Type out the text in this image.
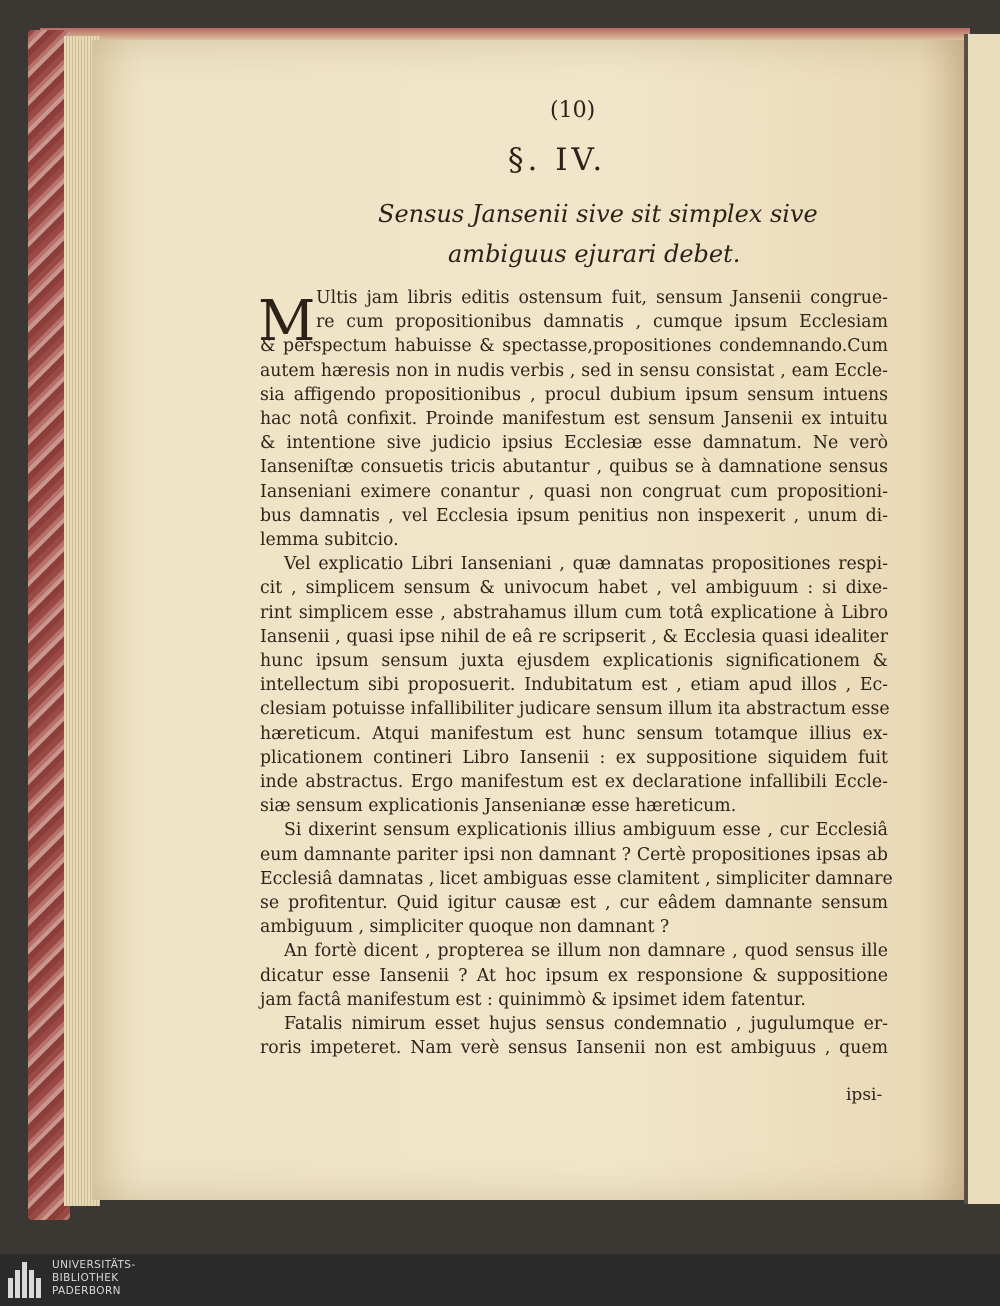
(10)
§. IV.
Sensus Jansenii sive sit simplex sive
ambiguus ejurari debet.
M Ultis jam libris editis ostensum fuit, sensum Jansenii congrue-
re cum propositionibus damnatis , cumque ipsum Ecclesiam
& perspectum habuisse & spectasse,propositiones condemnando.Cum
autem hæresis non in nudis verbis , sed in sensu consistat , eam Eccle-
sia affigendo propositionibus , procul dubium ipsum sensum intuens
hac notâ confixit. Proinde manifestum est sensum Jansenii ex intuitu
& intentione sive judicio ipsius Ecclesiæ esse damnatum. Ne verò
Ianseniſtæ consuetis tricis abutantur , quibus se à damnatione sensus
Ianseniani eximere conantur , quasi non congruat cum propositioni-
bus damnatis , vel Ecclesia ipsum penitius non inspexerit , unum di-
lemma subitcio.
Vel explicatio Libri Ianseniani , quæ damnatas propositiones respi-
cit , simplicem sensum & univocum habet , vel ambiguum : si dixe-
rint simplicem esse , abstrahamus illum cum totâ explicatione à Libro
Iansenii , quasi ipse nihil de eâ re scripserit , & Ecclesia quasi idealiter
hunc ipsum sensum juxta ejusdem explicationis significationem &
intellectum sibi proposuerit. Indubitatum est , etiam apud illos , Ec-
clesiam potuisse infallibiliter judicare sensum illum ita abstractum esse
hæreticum. Atqui manifestum est hunc sensum totamque illius ex-
plicationem contineri Libro Iansenii : ex suppositione siquidem fuit
inde abstractus. Ergo manifestum est ex declaratione infallibili Eccle-
siæ sensum explicationis Jansenianæ esse hæreticum.
Si dixerint sensum explicationis illius ambiguum esse , cur Ecclesiâ
eum damnante pariter ipsi non damnant ? Certè propositiones ipsas ab
Ecclesiâ damnatas , licet ambiguas esse clamitent , simpliciter damnare
se profitentur. Quid igitur causæ est , cur eâdem damnante sensum
ambiguum , simpliciter quoque non damnant ?
An fortè dicent , propterea se illum non damnare , quod sensus ille
dicatur esse Iansenii ? At hoc ipsum ex responsione & suppositione
jam factâ manifestum est : quinimmò & ipsimet idem fatentur.
Fatalis nimirum esset hujus sensus condemnatio , jugulumque er-
roris impeteret. Nam verè sensus Iansenii non est ambiguus , quem
ipsi-
UNIVERSITÄTS-
BIBLIOTHEK
PADERBORN
